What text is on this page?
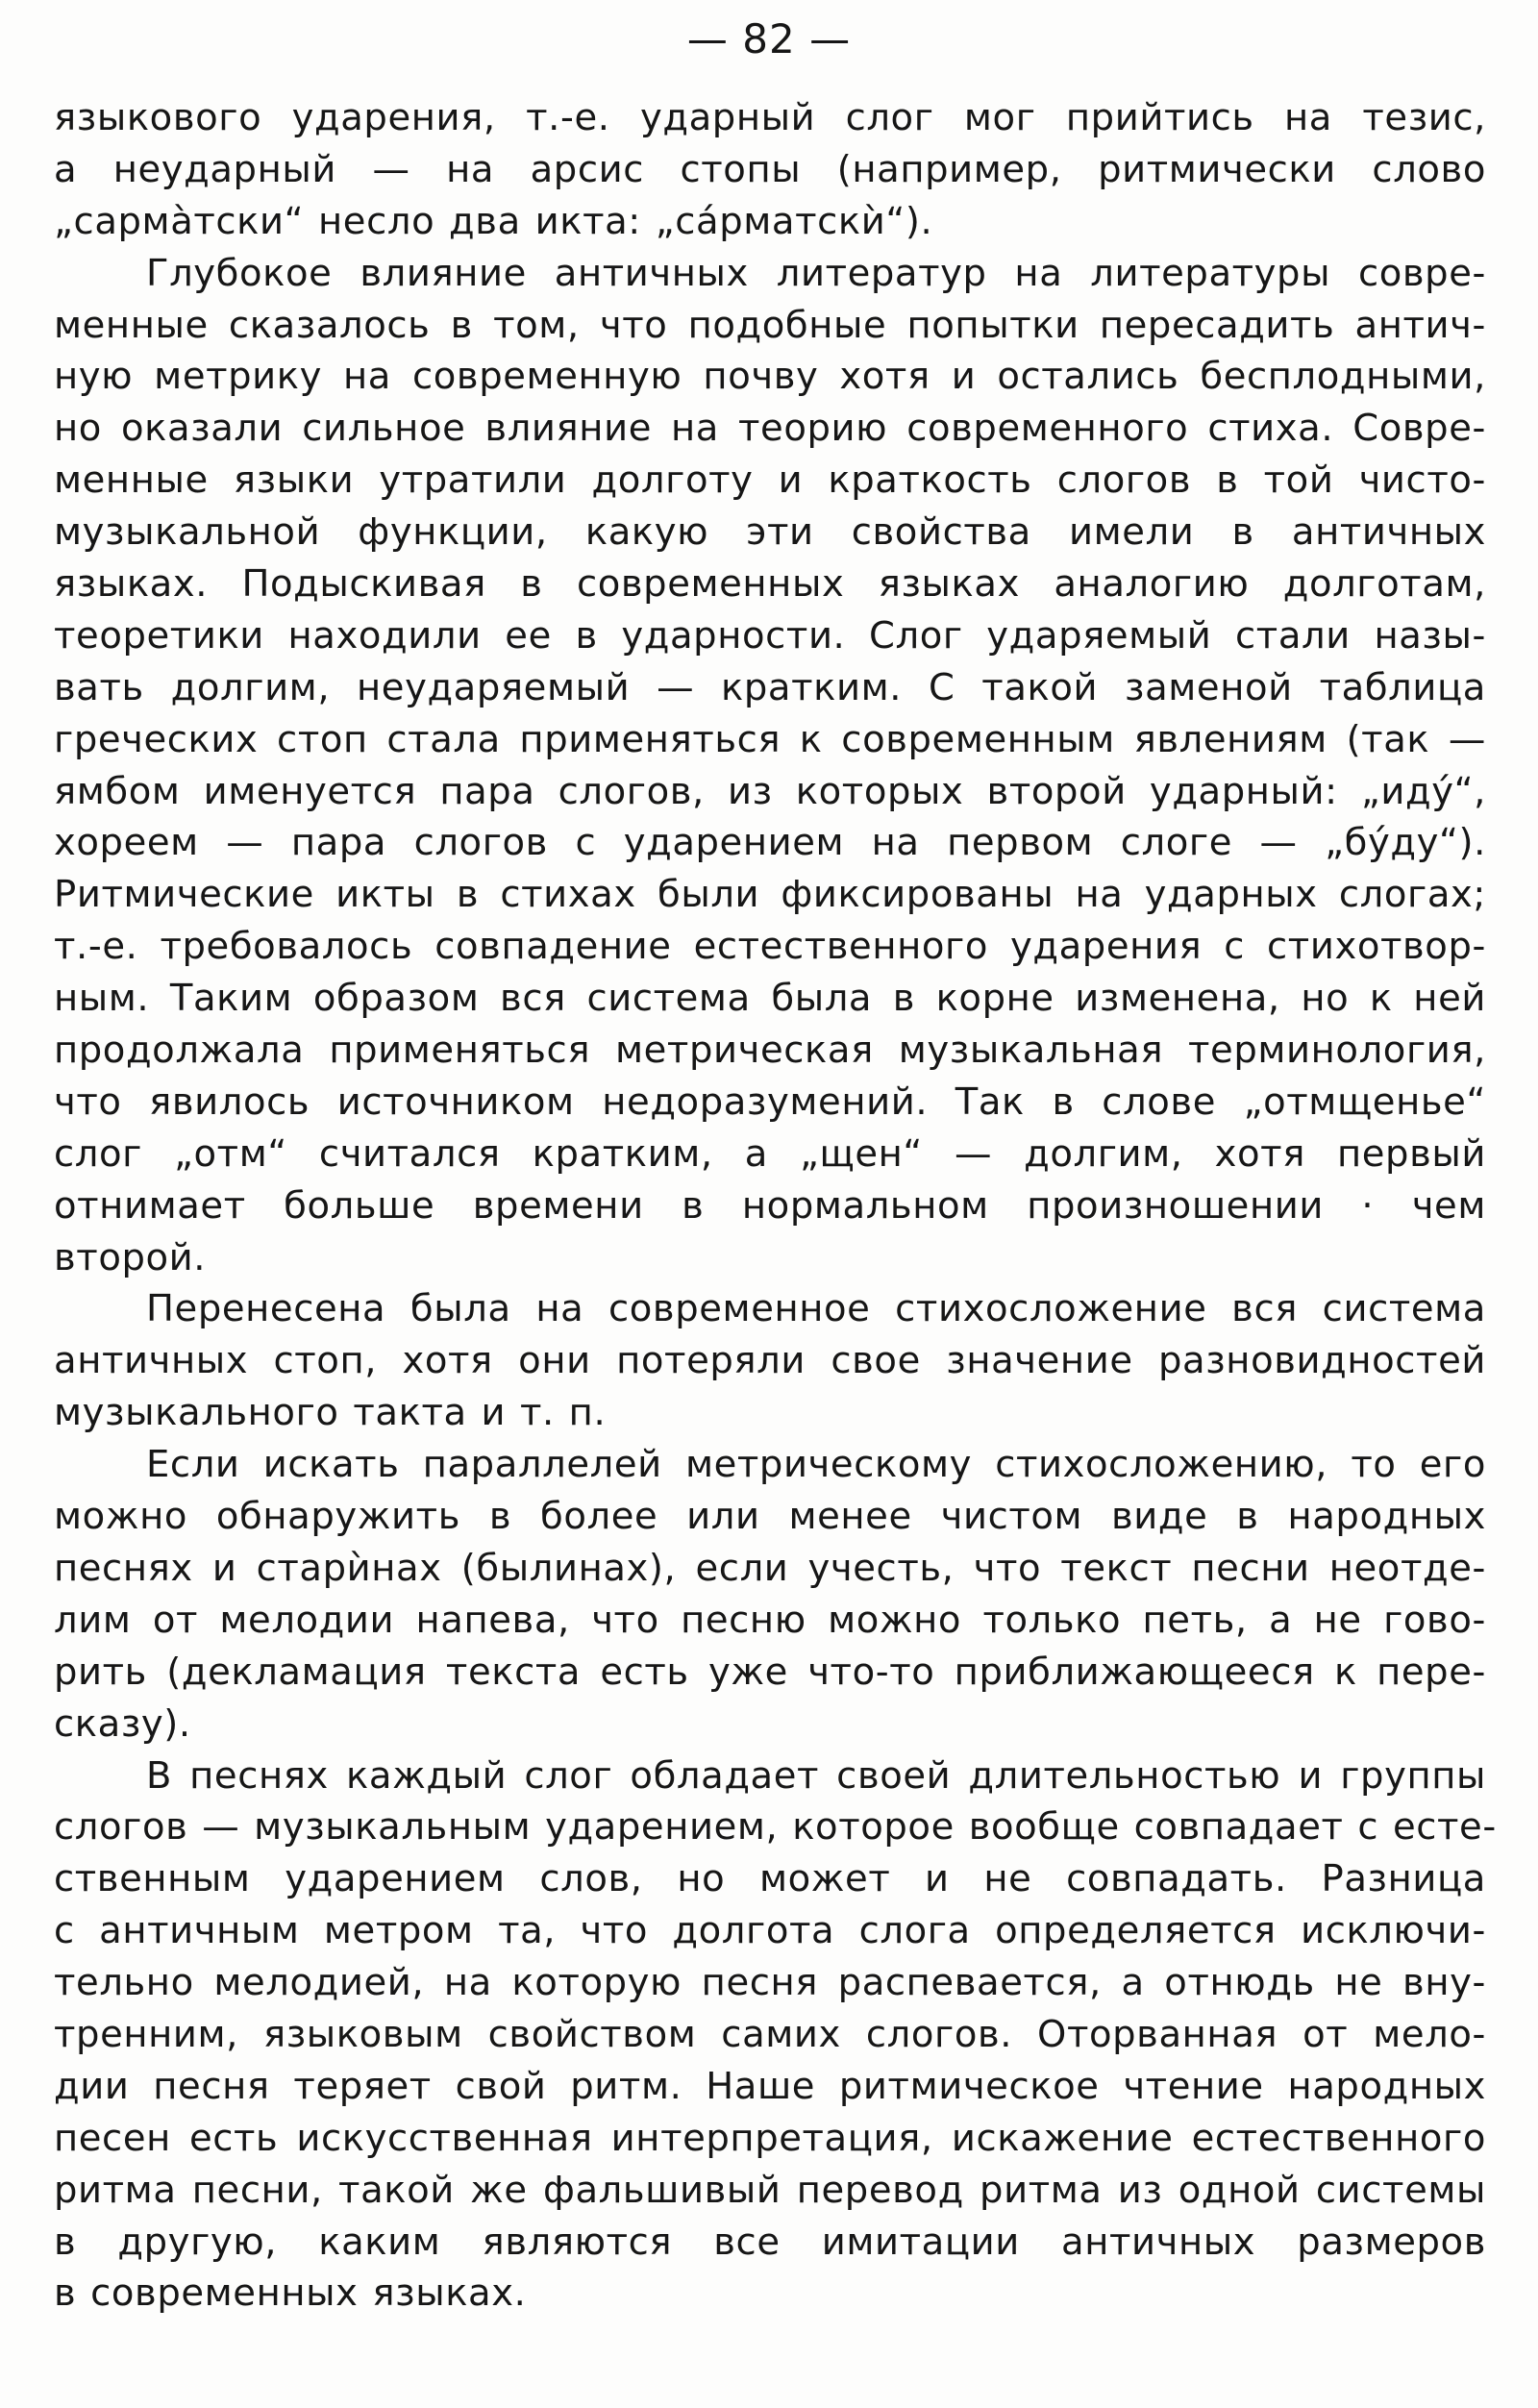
— 82 —
языкового ударения, т.-е. ударный слог мог прийтись на тезис,
а неударный — на арсис стопы (например, ритмически слово
„сармàтски“ несло два икта: „сáрматскѝ“).
Глубокое влияние античных литератур на литературы совре-
менные сказалось в том, что подобные попытки пересадить антич-
ную метрику на современную почву хотя и остались бесплодными,
но оказали сильное влияние на теорию современного стиха. Совре-
менные языки утратили долготу и краткость слогов в той чисто-
музыкальной функции, какую эти свойства имели в античных
языках. Подыскивая в современных языках аналогию долготам,
теоретики находили ее в ударности. Слог ударяемый стали назы-
вать долгим, неударяемый — кратким. С такой заменой таблица
греческих стоп стала применяться к современным явлениям (так —
ямбом именуется пара слогов, из которых второй ударный: „идý“,
хореем — пара слогов с ударением на первом слоге — „бýду“).
Ритмические икты в стихах были фиксированы на ударных слогах;
т.-е. требовалось совпадение естественного ударения с стихотвор-
ным. Таким образом вся система была в корне изменена, но к ней
продолжала применяться метрическая музыкальная терминология,
что явилось источником недоразумений. Так в слове „отмщенье“
слог „отм“ считался кратким, а „щен“ — долгим, хотя первый
отнимает больше времени в нормальном произношении · чем
второй.
Перенесена была на современное стихосложение вся система
античных стоп, хотя они потеряли свое значение разновидностей
музыкального такта и т. п.
Если искать параллелей метрическому стихосложению, то его
можно обнаружить в более или менее чистом виде в народных
песнях и старѝнах (былинах), если учесть, что текст песни неотде-
лим от мелодии напева, что песню можно только петь, а не гово-
рить (декламация текста есть уже что-то приближающееся к пере-
сказу).
В песнях каждый слог обладает своей длительностью и группы
слогов — музыкальным ударением, которое вообще совпадает с есте-
ственным ударением слов, но может и не совпадать. Разница
с античным метром та, что долгота слога определяется исключи-
тельно мелодией, на которую песня распевается, а отнюдь не вну-
тренним, языковым свойством самих слогов. Оторванная от мело-
дии песня теряет свой ритм. Наше ритмическое чтение народных
песен есть искусственная интерпретация, искажение естественного
ритма песни, такой же фальшивый перевод ритма из одной системы
в другую, каким являются все имитации античных размеров
в современных языках.
